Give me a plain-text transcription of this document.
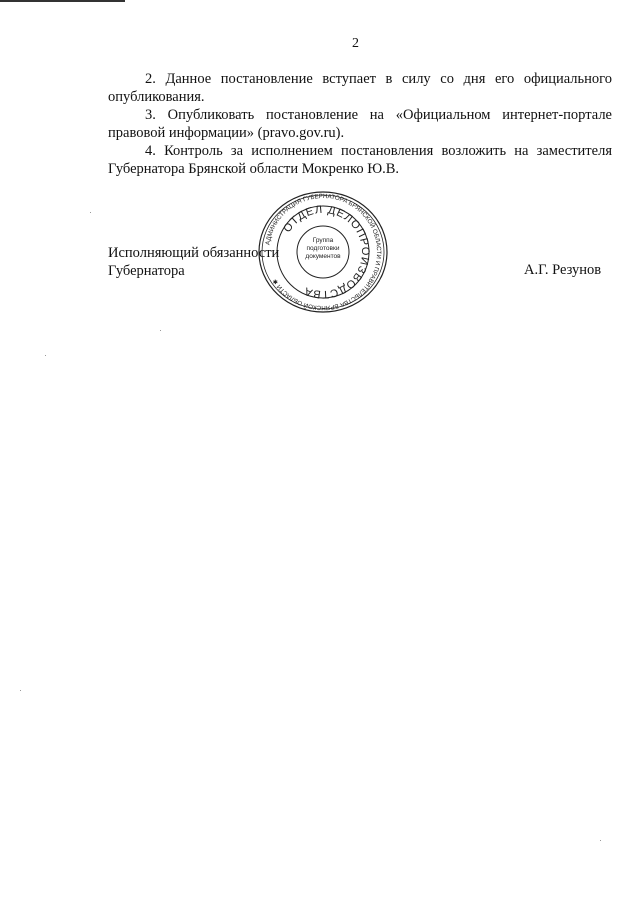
2

2. Данное постановление вступает в силу со дня его официального

опубликования.

3. Опубликовать постановление на «Официальном интернет-портале

правовой информации» (pravo.gov.ru).

4. Контроль за исполнением постановления возложить на заместителя

Губернатора Брянской области Мокренко Ю.В.

Исполняющий обязанности
Губернатора	А.Г. Резунов
АДМИНИСТРАЦИЯ ГУБЕРНАТОРА БРЯНСКОЙ ОБЛАСТИ И ПРАВИТЕЛЬСТВА БРЯНСКОЙ ОБЛАСТИ ✱
ОТДЕЛ ДЕЛОПРОИЗВОДСТВА
Группа подготовки документов
